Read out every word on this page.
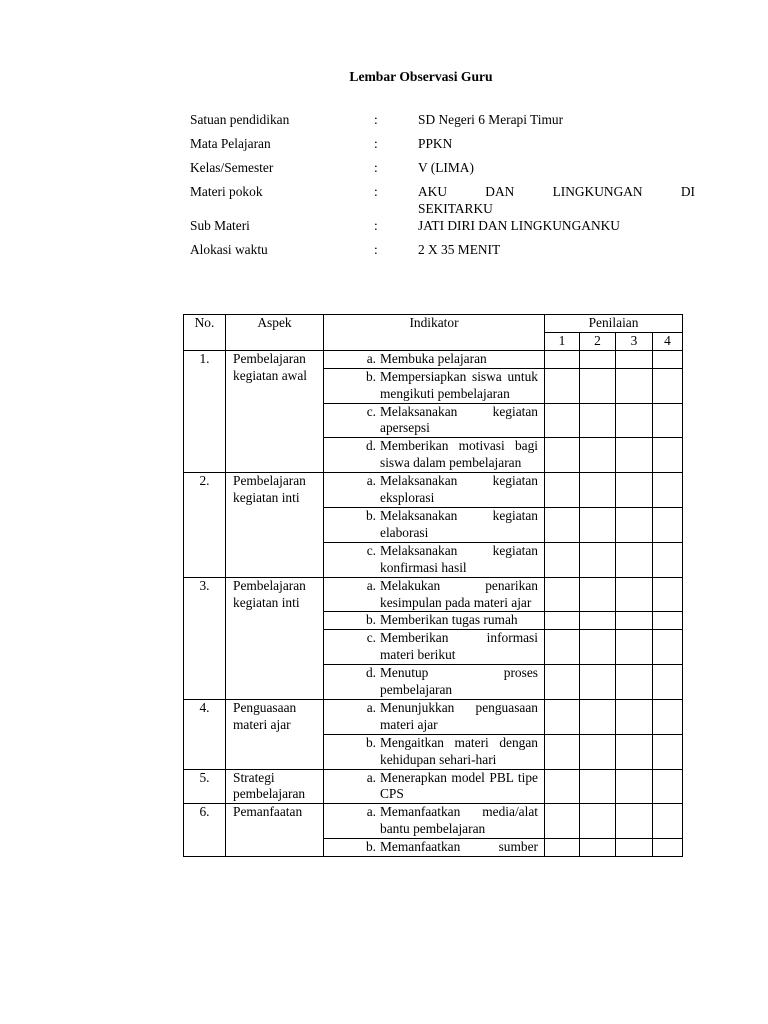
Lembar Observasi Guru
Satuan pendidikan	:	SD Negeri 6 Merapi Timur
Mata Pelajaran	:	PPKN
Kelas/Semester	:	V (LIMA)
Materi pokok	:	AKU DAN LINGKUNGAN DI
SEKITARKU
Sub Materi	:	JATI DIRI DAN LINGKUNGANKU
Alokasi waktu	:	2 X 35 MENIT
No.	Aspek	Indikator	Penilaian			
			1	2	3	4
1.	Pembelajaran kegiatan awal	a. Membuka pelajaran				

		b. Mempersiapkan siswa untuk mengikuti pembelajaran				

		c. Melaksanakan kegiatan apersepsi				

		d. Memberikan motivasi bagi siswa dalam pembelajaran				

2.	Pembelajaran kegiatan inti	a. Melaksanakan kegiatan eksplorasi				

		b. Melaksanakan kegiatan elaborasi				

		c. Melaksanakan kegiatan konfirmasi hasil				

3.	Pembelajaran kegiatan inti	a. Melakukan penarikan kesimpulan pada materi ajar				

		b. Memberikan tugas rumah				

		c. Memberikan informasi materi berikut				

		d. Menutup proses pembelajaran				

4.	Penguasaan materi ajar	a. Menunjukkan penguasaan materi ajar				

		b. Mengaitkan materi dengan kehidupan sehari-hari				

5.	Strategi pembelajaran	a. Menerapkan model PBL tipe CPS				

6.	Pemanfaatan	a. Memanfaatkan media/alat bantu pembelajaran				

		b. Memanfaatkan sumber				
